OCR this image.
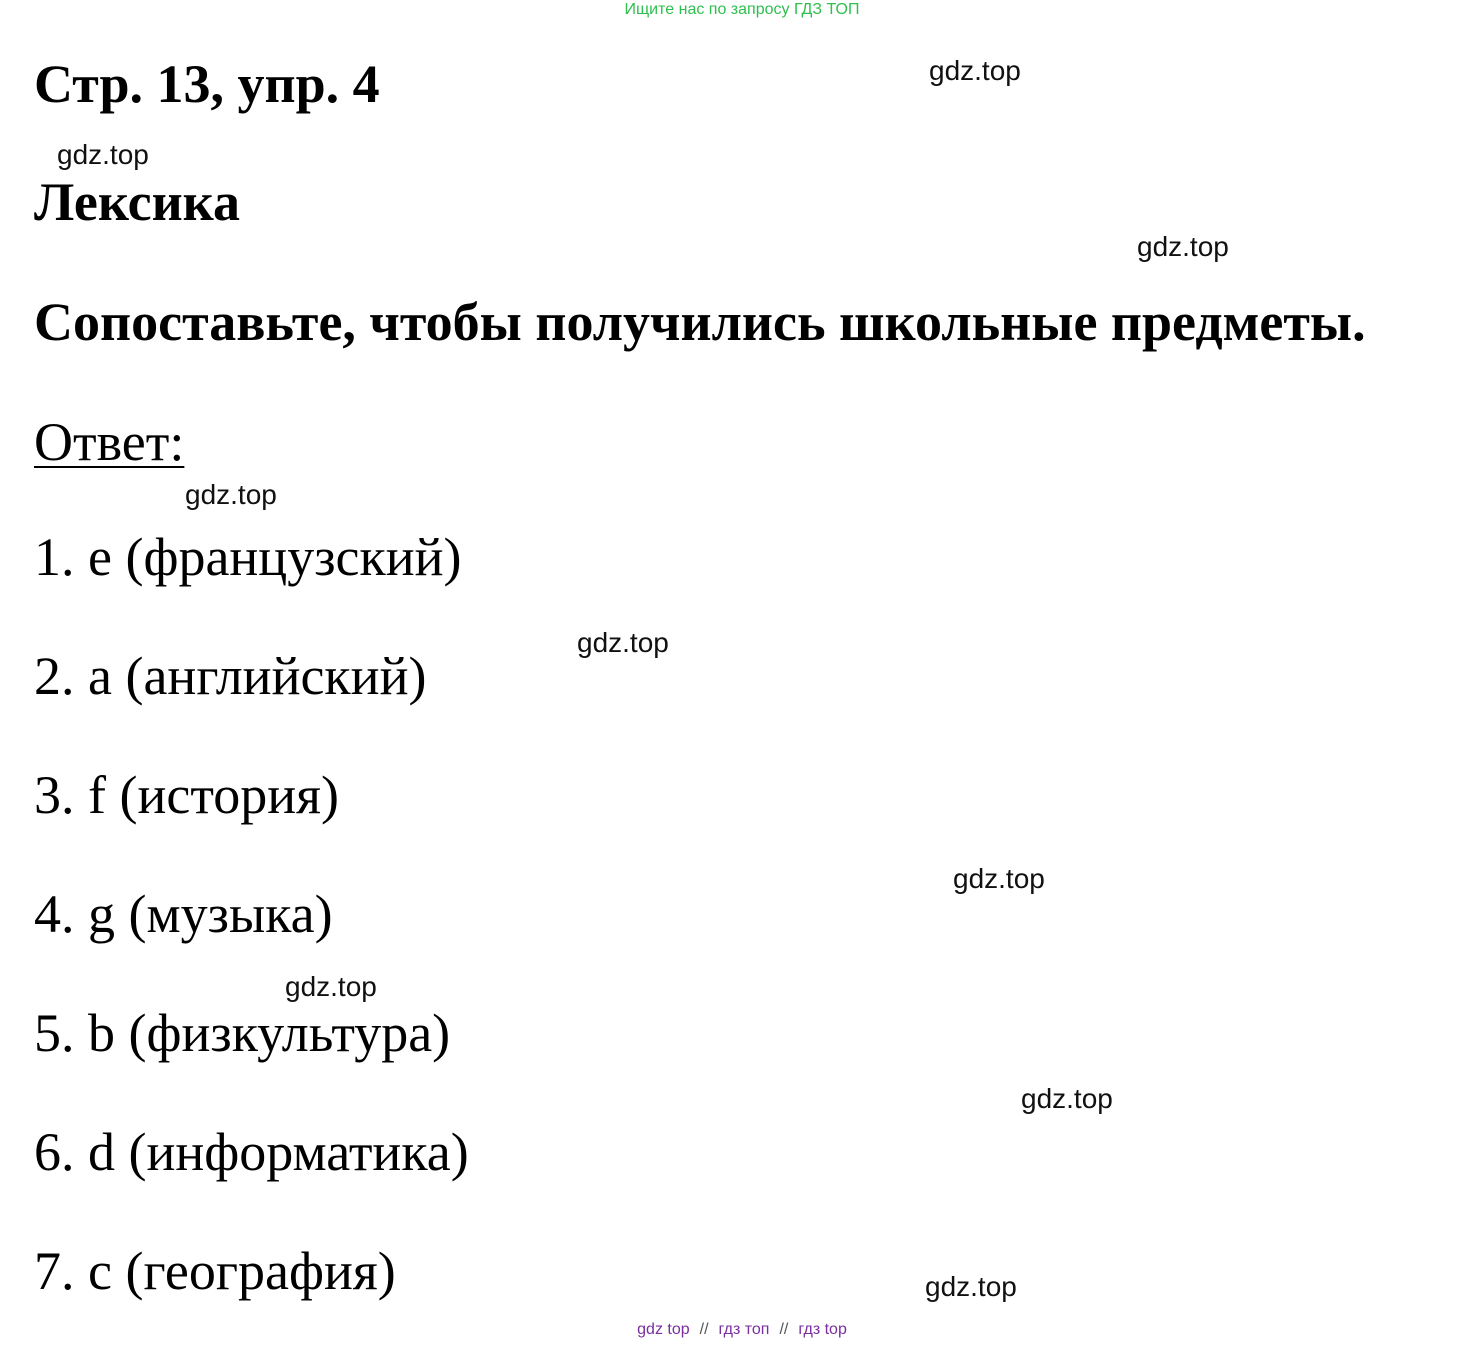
Ищите нас по запросу ГДЗ ТОП
Стр. 13, упр. 4
Лексика
Сопоставьте, чтобы получились школьные предметы.
Ответ:
1. e (французский)
2. a (английский)
3. f (история)
4. g (музыка)
5. b (физкультура)
6. d (информатика)
7. c (география)
gdz.top
gdz.top
gdz.top
gdz.top
gdz.top
gdz.top
gdz.top
gdz.top
gdz.top
gdz top // гдз топ // гдз top
